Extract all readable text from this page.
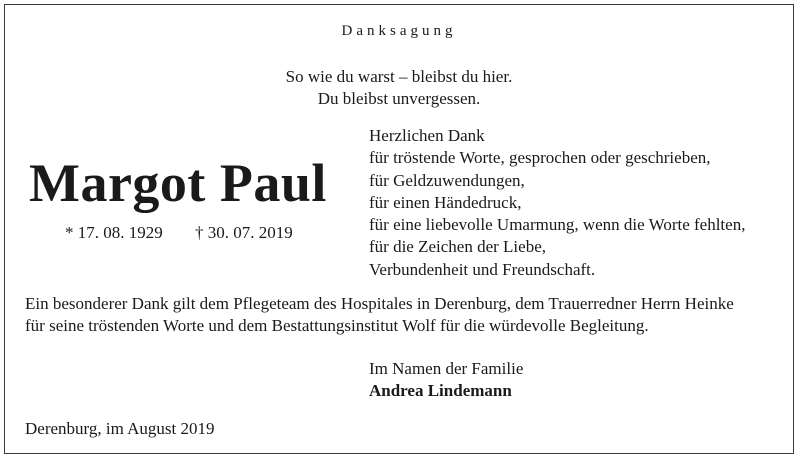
Danksagung
So wie du warst – bleibst du hier.
Du bleibst unvergessen.
Margot Paul
* 17. 08. 1929 † 30. 07. 2019
Herzlichen Dank
für tröstende Worte, gesprochen oder geschrieben,
für Geldzuwendungen,
für einen Händedruck,
für eine liebevolle Umarmung, wenn die Worte fehlten,
für die Zeichen der Liebe,
Verbundenheit und Freundschaft.
Ein besonderer Dank gilt dem Pflegeteam des Hospitales in Derenburg, dem Trauerredner Herrn Heinke
für seine tröstenden Worte und dem Bestattungsinstitut Wolf für die würdevolle Begleitung.
Im Namen der Familie
Andrea Lindemann
Derenburg, im August 2019
